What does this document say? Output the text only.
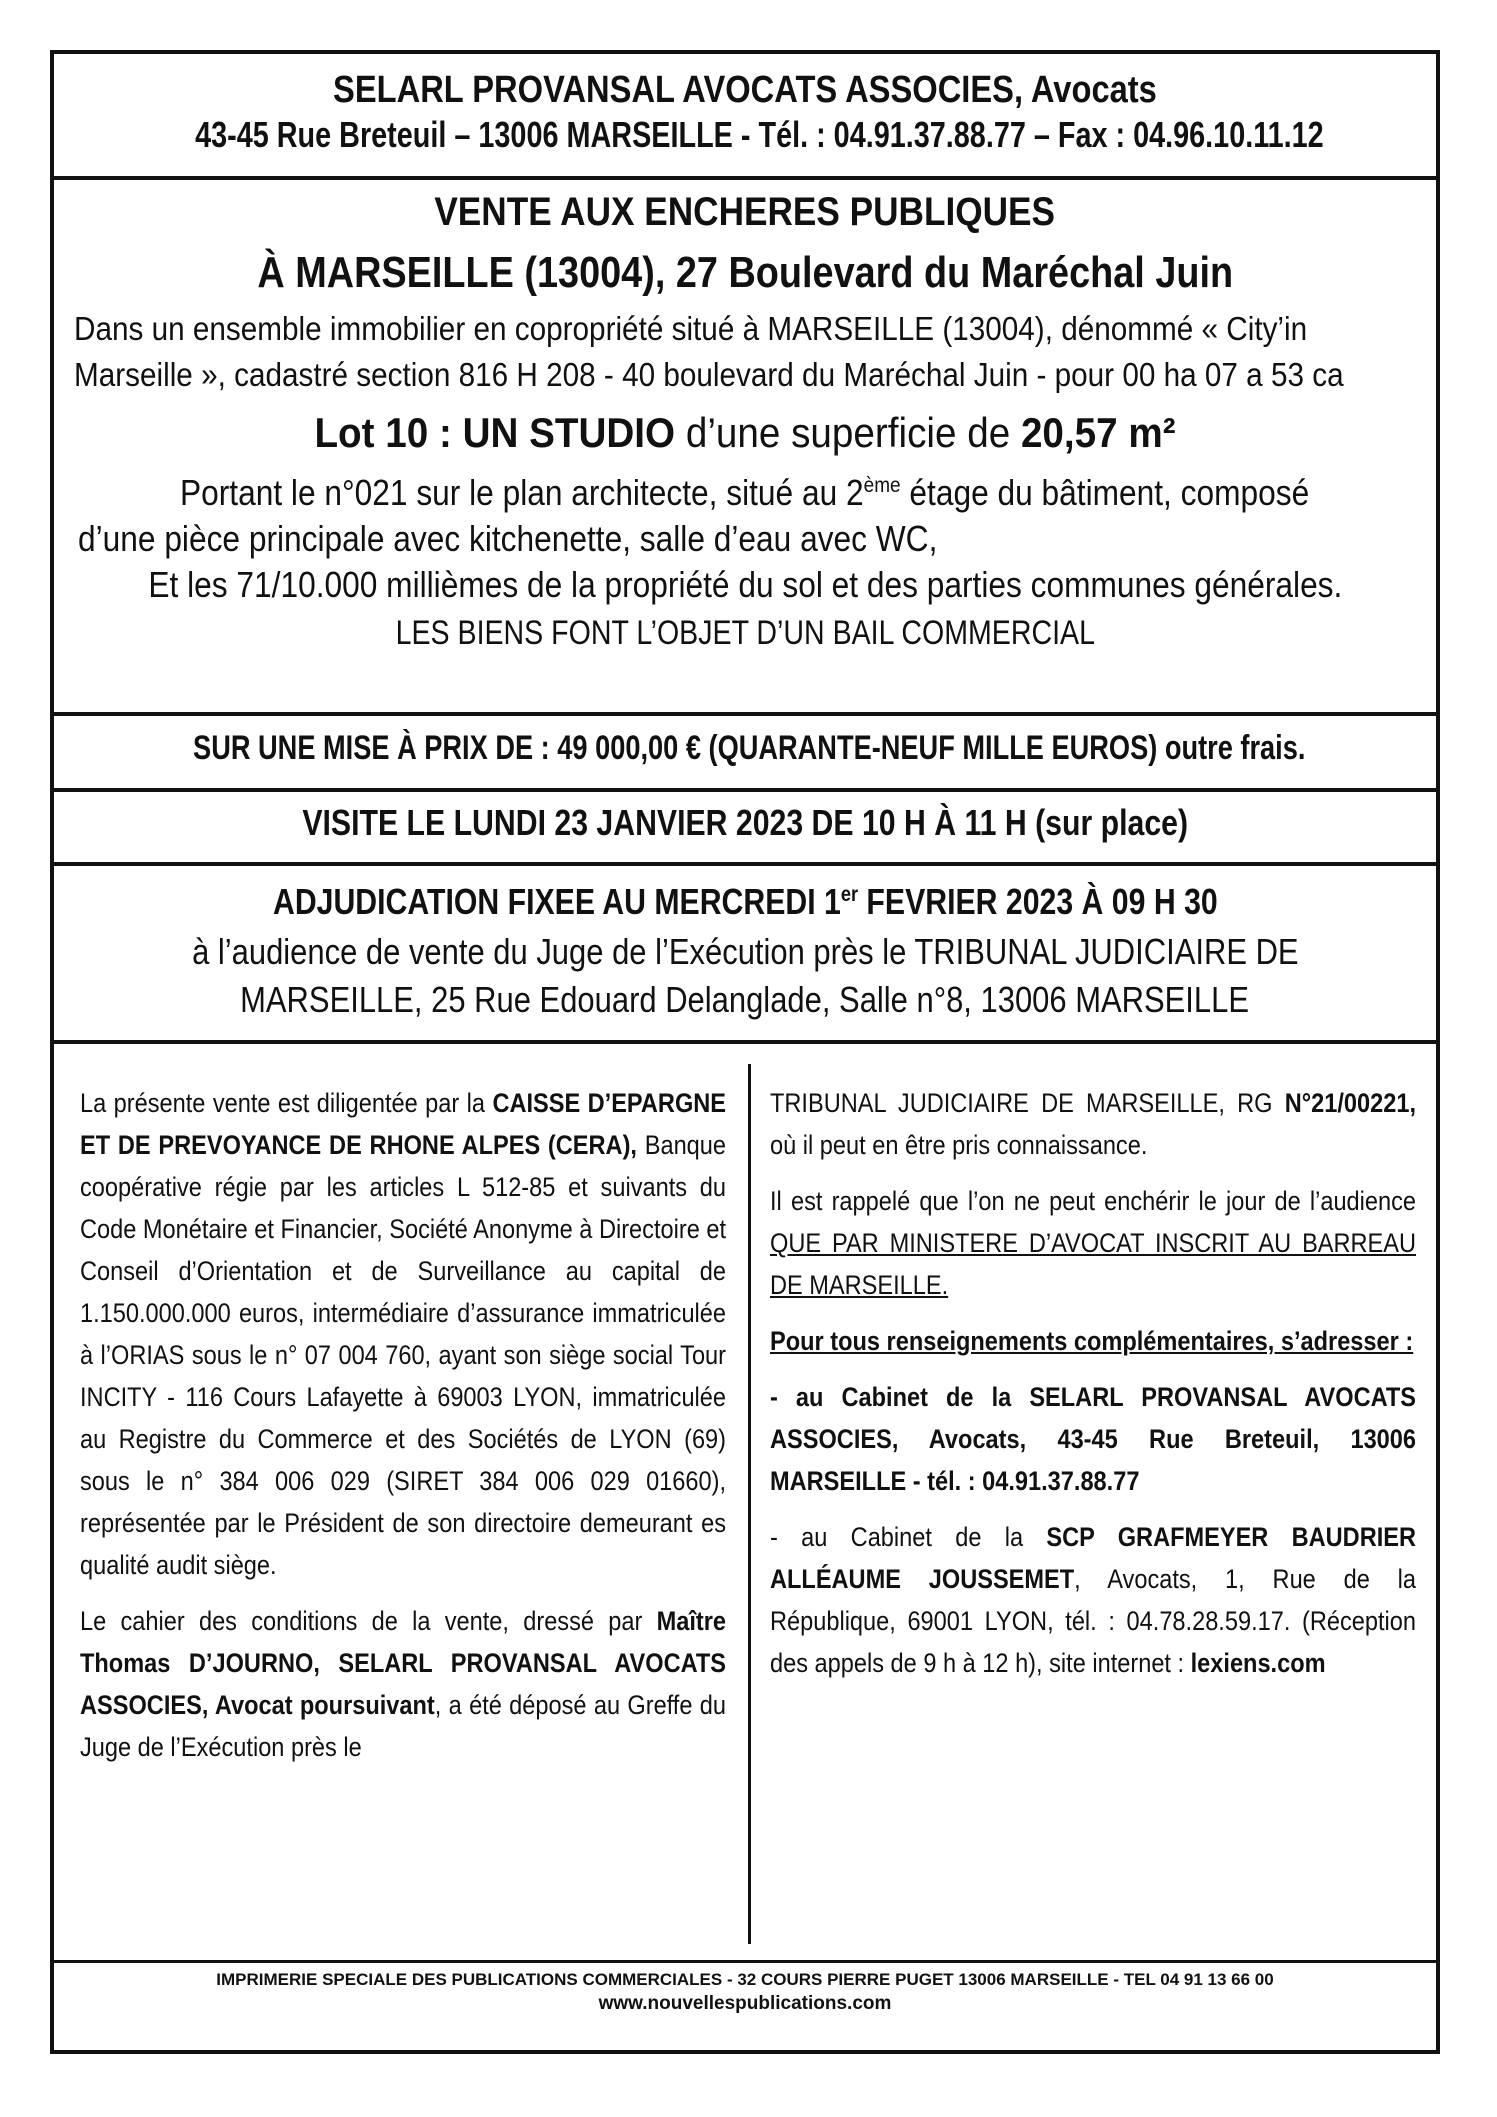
SELARL PROVANSAL AVOCATS ASSOCIES, Avocats
43-45 Rue Breteuil – 13006 MARSEILLE - Tél. : 04.91.37.88.77 – Fax : 04.96.10.11.12
VENTE AUX ENCHERES PUBLIQUES
À MARSEILLE (13004), 27 Boulevard du Maréchal Juin

Dans un ensemble immobilier en copropriété situé à MARSEILLE (13004), dénommé « City’in Marseille », cadastré section 816 H 208 - 40 boulevard du Maréchal Juin - pour 00 ha 07 a 53 ca

Lot 10 : UN STUDIO d’une superficie de 20,57 m²
Portant le n°021 sur le plan architecte, situé au 2ème étage du bâtiment, composé
d’une pièce principale avec kitchenette, salle d’eau avec WC,
Et les 71/10.000 millièmes de la propriété du sol et des parties communes générales.
LES BIENS FONT L’OBJET D’UN BAIL COMMERCIAL
SUR UNE MISE À PRIX DE : 49 000,00 € (QUARANTE-NEUF MILLE EUROS) outre frais.
VISITE LE LUNDI 23 JANVIER 2023 DE 10 H À 11 H (sur place)
ADJUDICATION FIXEE AU MERCREDI 1er FEVRIER 2023 À 09 H 30
à l’audience de vente du Juge de l’Exécution près le TRIBUNAL JUDICIAIRE DE
MARSEILLE, 25 Rue Edouard Delanglade, Salle n°8, 13006 MARSEILLE

La présente vente est diligentée par la CAISSE D’EPARGNE ET DE PREVOYANCE DE RHONE ALPES (CERA), Banque coopérative régie par les articles L 512-85 et suivants du Code Monétaire et Financier, Société Anonyme à Directoire et Conseil d’Orientation et de Surveillance au capital de 1.150.000.000 euros, intermédiaire d’assurance immatriculée à l’ORIAS sous le n° 07 004 760, ayant son siège social Tour INCITY - 116 Cours Lafayette à 69003 LYON, immatriculée au Registre du Commerce et des Sociétés de LYON (69) sous le n° 384 006 029 (SIRET 384 006 029 01660), représentée par le Président de son directoire demeurant es qualité audit siège.

Le cahier des conditions de la vente, dressé par Maître Thomas D’JOURNO, SELARL PROVANSAL AVOCATS ASSOCIES, Avocat poursuivant, a été déposé au Greffe du Juge de l’Exécution près le

TRIBUNAL JUDICIAIRE DE MARSEILLE, RG N°21/00221, où il peut en être pris connaissance.

Il est rappelé que l’on ne peut enchérir le jour de l’audience QUE PAR MINISTERE D’AVOCAT INSCRIT AU BARREAU DE MARSEILLE.

Pour tous renseignements complémentaires, s’adresser :

- au Cabinet de la SELARL PROVANSAL AVOCATS ASSOCIES, Avocats, 43-45 Rue Breteuil, 13006 MARSEILLE - tél. : 04.91.37.88.77

- au Cabinet de la SCP GRAFMEYER BAUDRIER ALLÉAUME JOUSSEMET, Avocats, 1, Rue de la République, 69001 LYON, tél. : 04.78.28.59.17. (Réception des appels de 9 h à 12 h), site internet : lexiens.com

IMPRIMERIE SPECIALE DES PUBLICATIONS COMMERCIALES - 32 COURS PIERRE PUGET 13006 MARSEILLE - TEL 04 91 13 66 00
www.nouvellespublications.com
